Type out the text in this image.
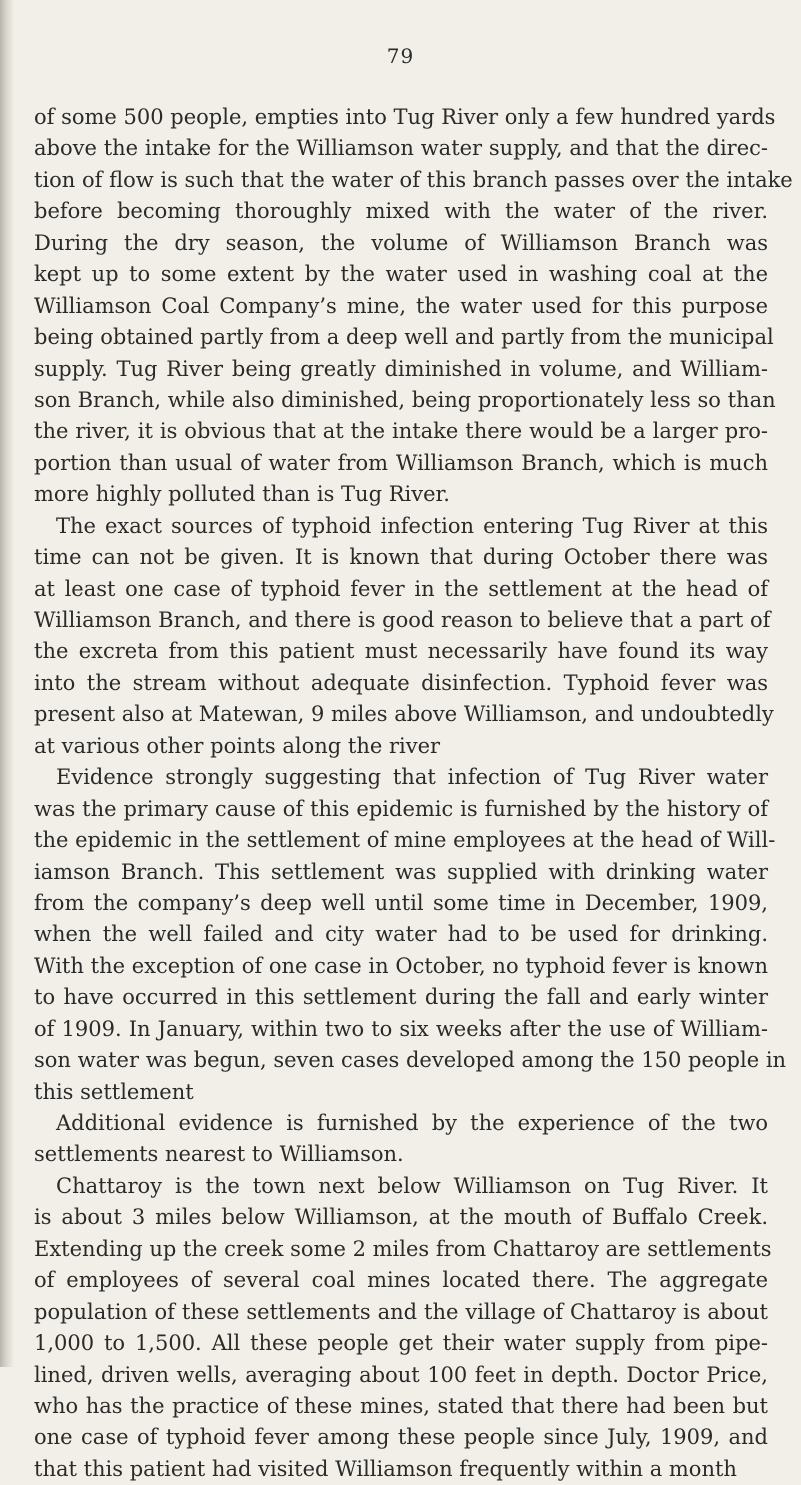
79
of some 500 people, empties into Tug River only a few hundred yards
above the intake for the Williamson water supply, and that the direc-
tion of flow is such that the water of this branch passes over the intake
before becoming thoroughly mixed with the water of the river.
During the dry season, the volume of Williamson Branch was
kept up to some extent by the water used in washing coal at the
Williamson Coal Company’s mine, the water used for this purpose
being obtained partly from a deep well and partly from the municipal
supply. Tug River being greatly diminished in volume, and William-
son Branch, while also diminished, being proportionately less so than
the river, it is obvious that at the intake there would be a larger pro-
portion than usual of water from Williamson Branch, which is much
more highly polluted than is Tug River.
The exact sources of typhoid infection entering Tug River at this
time can not be given. It is known that during October there was
at least one case of typhoid fever in the settlement at the head of
Williamson Branch, and there is good reason to believe that a part of
the excreta from this patient must necessarily have found its way
into the stream without adequate disinfection. Typhoid fever was
present also at Matewan, 9 miles above Williamson, and undoubtedly
at various other points along the river
Evidence strongly suggesting that infection of Tug River water
was the primary cause of this epidemic is furnished by the history of
the epidemic in the settlement of mine employees at the head of Will-
iamson Branch. This settlement was supplied with drinking water
from the company’s deep well until some time in December, 1909,
when the well failed and city water had to be used for drinking.
With the exception of one case in October, no typhoid fever is known
to have occurred in this settlement during the fall and early winter
of 1909. In January, within two to six weeks after the use of William-
son water was begun, seven cases developed among the 150 people in
this settlement
Additional evidence is furnished by the experience of the two
settlements nearest to Williamson.
Chattaroy is the town next below Williamson on Tug River. It
is about 3 miles below Williamson, at the mouth of Buffalo Creek.
Extending up the creek some 2 miles from Chattaroy are settlements
of employees of several coal mines located there. The aggregate
population of these settlements and the village of Chattaroy is about
1,000 to 1,500. All these people get their water supply from pipe-
lined, driven wells, averaging about 100 feet in depth. Doctor Price,
who has the practice of these mines, stated that there had been but
one case of typhoid fever among these people since July, 1909, and
that this patient had visited Williamson frequently within a month
